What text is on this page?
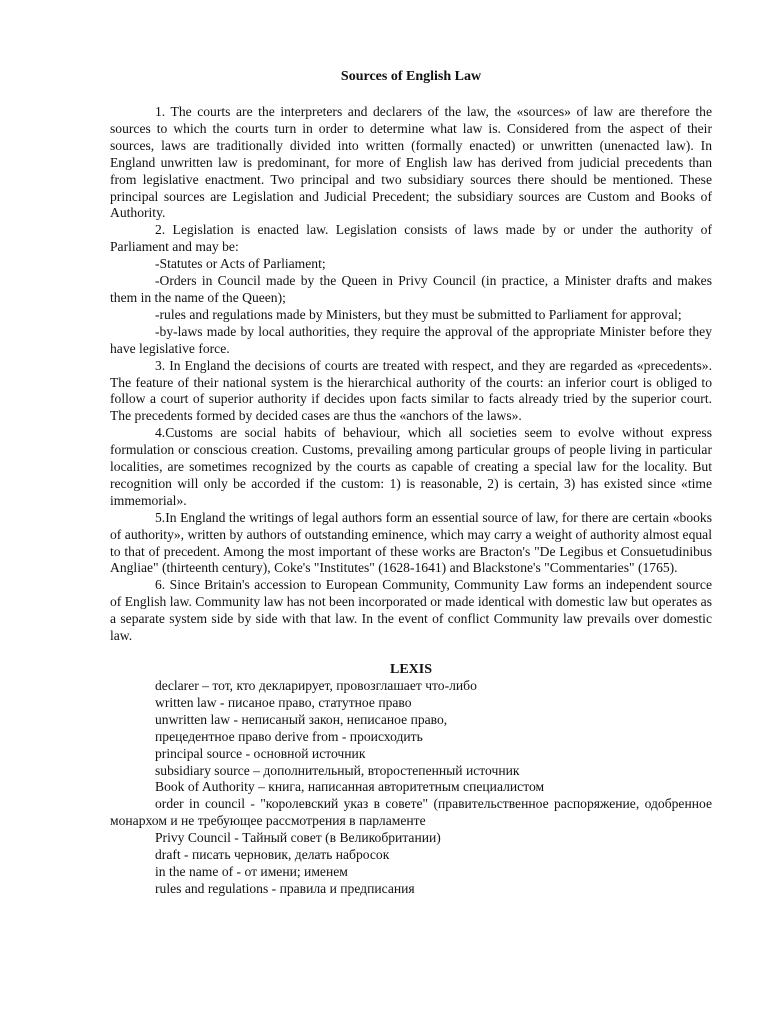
Sources of English Law

1. The courts are the interpreters and declarers of the law, the «sources» of law are therefore the sources to which the courts turn in order to determine what law is. Considered from the aspect of their sources, laws are traditionally divided into written (formally enacted) or unwritten (unenacted law). In England unwritten law is predominant, for more of English law has derived from judicial precedents than from legislative enactment. Two principal and two subsidiary sources there should be mentioned. These principal sources are Legislation and Judicial Precedent; the subsidiary sources are Custom and Books of Authority.

2. Legislation is enacted law. Legislation consists of laws made by or under the authority of Parliament and may be:

-Statutes or Acts of Parliament;

-Orders in Council made by the Queen in Privy Council (in practice, a Minister drafts and makes them in the name of the Queen);

-rules and regulations made by Ministers, but they must be submitted to Parliament for approval;

-by-laws made by local authorities, they require the approval of the appropriate Minister before they have legislative force.

3. In England the decisions of courts are treated with respect, and they are regarded as «precedents». The feature of their national system is the hierarchical authority of the courts: an inferior court is obliged to follow a court of superior authority if decides upon facts similar to facts already tried by the superior court. The precedents formed by decided cases are thus the «anchors of the laws».

4.Customs are social habits of behaviour, which all societies seem to evolve without express formulation or conscious creation. Customs, prevailing among particular groups of people living in particular localities, are sometimes recognized by the courts as capable of creating a special law for the locality. But recognition will only be accorded if the custom: 1) is reasonable, 2) is certain, 3) has existed since «time immemorial».

5.In England the writings of legal authors form an essential source of law, for there are certain «books of authority», written by authors of outstanding eminence, which may carry a weight of authority almost equal to that of precedent. Among the most important of these works are Bracton's "De Legibus et Consuetudinibus Angliae" (thirteenth century), Coke's "Institutes" (1628-1641) and Blackstone's "Commentaries" (1765).

6. Since Britain's accession to European Community, Community Law forms an independent source of English law. Community law has not been incorporated or made identical with domestic law but operates as a separate system side by side with that law. In the event of conflict Community law prevails over domestic law.

LEXIS

declarer – тот, кто декларирует, провозглашает что-либо

written law - писаное право, статутное право

unwritten law - неписаный закон, неписаное право,

прецедентное право derive from - происходить

principal source - основной источник

subsidiary source – дополнительный, второстепенный источник

Book of Authority – книга, написанная авторитетным специалистом

order in council - "королевский указ в совете" (правительственное распоряжение, одобренное монархом и не требующее рассмотрения в парламенте

Privy Council - Тайный совет (в Великобритании)

draft - писать черновик, делать набросок

in the name of - от имени; именем

rules and regulations - правила и предписания
